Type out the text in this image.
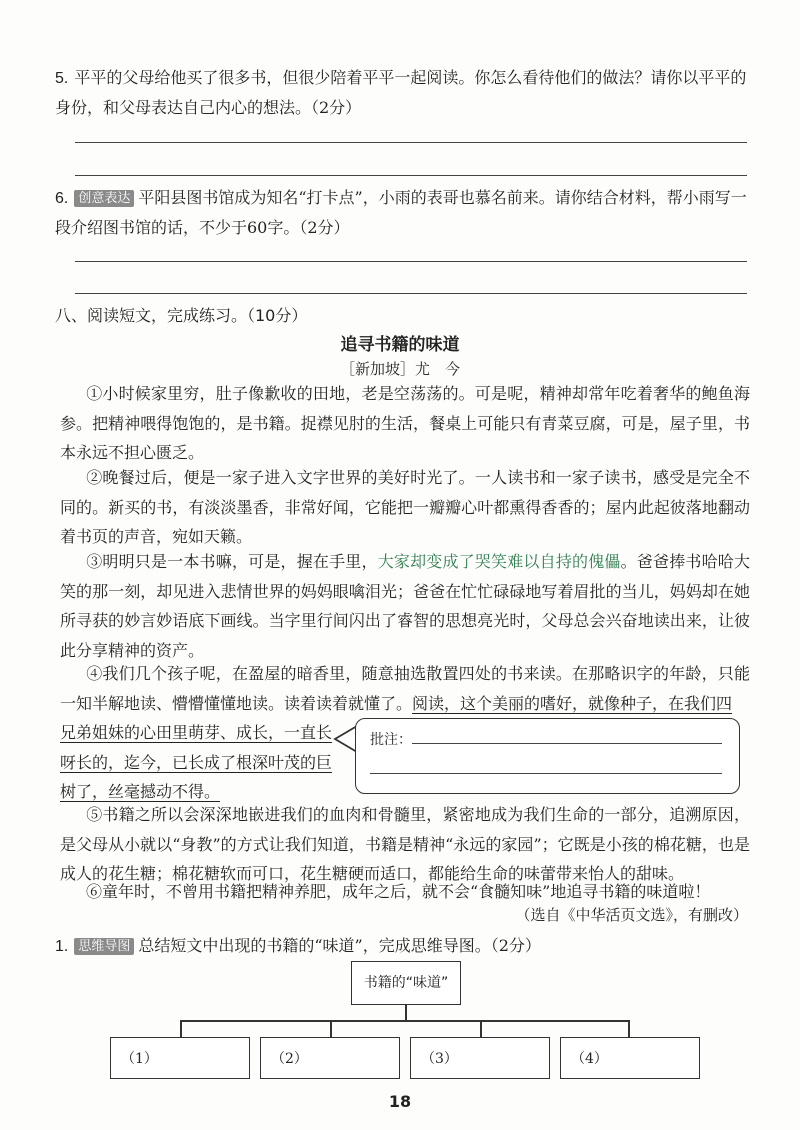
5. 平平的父母给他买了很多书，但很少陪着平平一起阅读。你怎么看待他们的做法？请你以平平的身份，和父母表达自己内心的想法。（2分）
6. 创意表达 平阳县图书馆成为知名“打卡点”，小雨的表哥也慕名前来。请你结合材料，帮小雨写一段介绍图书馆的话，不少于60字。（2分）
八、阅读短文，完成练习。（10分）
追寻书籍的味道
［新加坡］尤　今

①小时候家里穷，肚子像歉收的田地，老是空荡荡的。可是呢，精神却常年吃着奢华的鲍鱼海参。把精神喂得饱饱的，是书籍。捉襟见肘的生活，餐桌上可能只有青菜豆腐，可是，屋子里，书本永远不担心匮乏。

②晚餐过后，便是一家子进入文字世界的美好时光了。一人读书和一家子读书，感受是完全不同的。新买的书，有淡淡墨香，非常好闻，它能把一瓣瓣心叶都熏得香香的；屋内此起彼落地翻动着书页的声音，宛如天籁。

③明明只是一本书嘛，可是，握在手里，大家却变成了哭笑难以自持的傀儡。爸爸捧书哈哈大笑的那一刻，却见进入悲情世界的妈妈眼噙泪光；爸爸在忙忙碌碌地写着眉批的当儿，妈妈却在她所寻获的妙言妙语底下画线。当字里行间闪出了睿智的思想亮光时，父母总会兴奋地读出来，让彼此分享精神的资产。

④我们几个孩子呢，在盈屋的暗香里，随意抽选散置四处的书来读。在那略识字的年龄，只能一知半解地读、懵懵懂懂地读。读着读着就懂了。阅读，这个美丽的嗜好，就像种子，在我们四

兄弟姐妹的心田里萌芽、成长，一直长呀长的，迄今，已长成了根深叶茂的巨树了，丝毫撼动不得。
批注：

⑤书籍之所以会深深地嵌进我们的血肉和骨髓里，紧密地成为我们生命的一部分，追溯原因，是父母从小就以“身教”的方式让我们知道，书籍是精神“永远的家园”；它既是小孩的棉花糖，也是成人的花生糖；棉花糖软而可口，花生糖硬而适口，都能给生命的味蕾带来怡人的甜味。

⑥童年时，不曾用书籍把精神养肥，成年之后，就不会“食髓知味”地追寻书籍的味道啦！

（选自《中华活页文选》，有删改）
1. 思维导图 总结短文中出现的书籍的“味道”，完成思维导图。（2分）
书籍的“味道”
（1）	（2）	（3）	（4）
18
